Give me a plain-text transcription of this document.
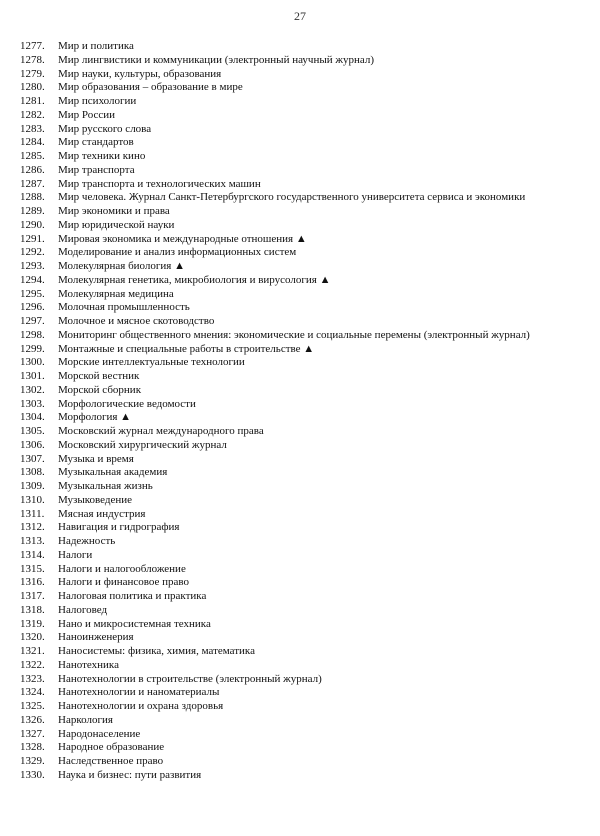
27
1277.	Мир и политика
1278.	Мир лингвистики и коммуникации (электронный научный журнал)
1279.	Мир науки, культуры, образования
1280.	Мир образования – образование в мире
1281.	Мир психологии
1282.	Мир России
1283.	Мир русского слова
1284.	Мир стандартов
1285.	Мир техники кино
1286.	Мир транспорта
1287.	Мир транспорта и технологических машин
1288.	Мир человека. Журнал Санкт-Петербургского государственного университета сервиса и экономики
1289.	Мир экономики и права
1290.	Мир юридической науки
1291.	Мировая экономика и международные отношения ▲
1292.	Моделирование и анализ информационных систем
1293.	Молекулярная биология ▲
1294.	Молекулярная генетика, микробиология и вирусология ▲
1295.	Молекулярная медицина
1296.	Молочная промышленность
1297.	Молочное и мясное скотоводство
1298.	Мониторинг общественного мнения: экономические и социальные перемены (электронный журнал)
1299.	Монтажные и специальные работы в строительстве ▲
1300.	Морские интеллектуальные технологии
1301.	Морской вестник
1302.	Морской сборник
1303.	Морфологические ведомости
1304.	Морфология ▲
1305.	Московский журнал международного права
1306.	Московский хирургический журнал
1307.	Музыка и время
1308.	Музыкальная академия
1309.	Музыкальная жизнь
1310.	Музыковедение
1311.	Мясная индустрия
1312.	Навигация и гидрография
1313.	Надежность
1314.	Налоги
1315.	Налоги и налогообложение
1316.	Налоги и финансовое право
1317.	Налоговая политика и практика
1318.	Налоговед
1319.	Нано и микросистемная техника
1320.	Наноинженерия
1321.	Наносистемы: физика, химия, математика
1322.	Нанотехника
1323.	Нанотехнологии в строительстве (электронный журнал)
1324.	Нанотехнологии и наноматериалы
1325.	Нанотехнологии и охрана здоровья
1326.	Наркология
1327.	Народонаселение
1328.	Народное образование
1329.	Наследственное право
1330.	Наука и бизнес: пути развития
